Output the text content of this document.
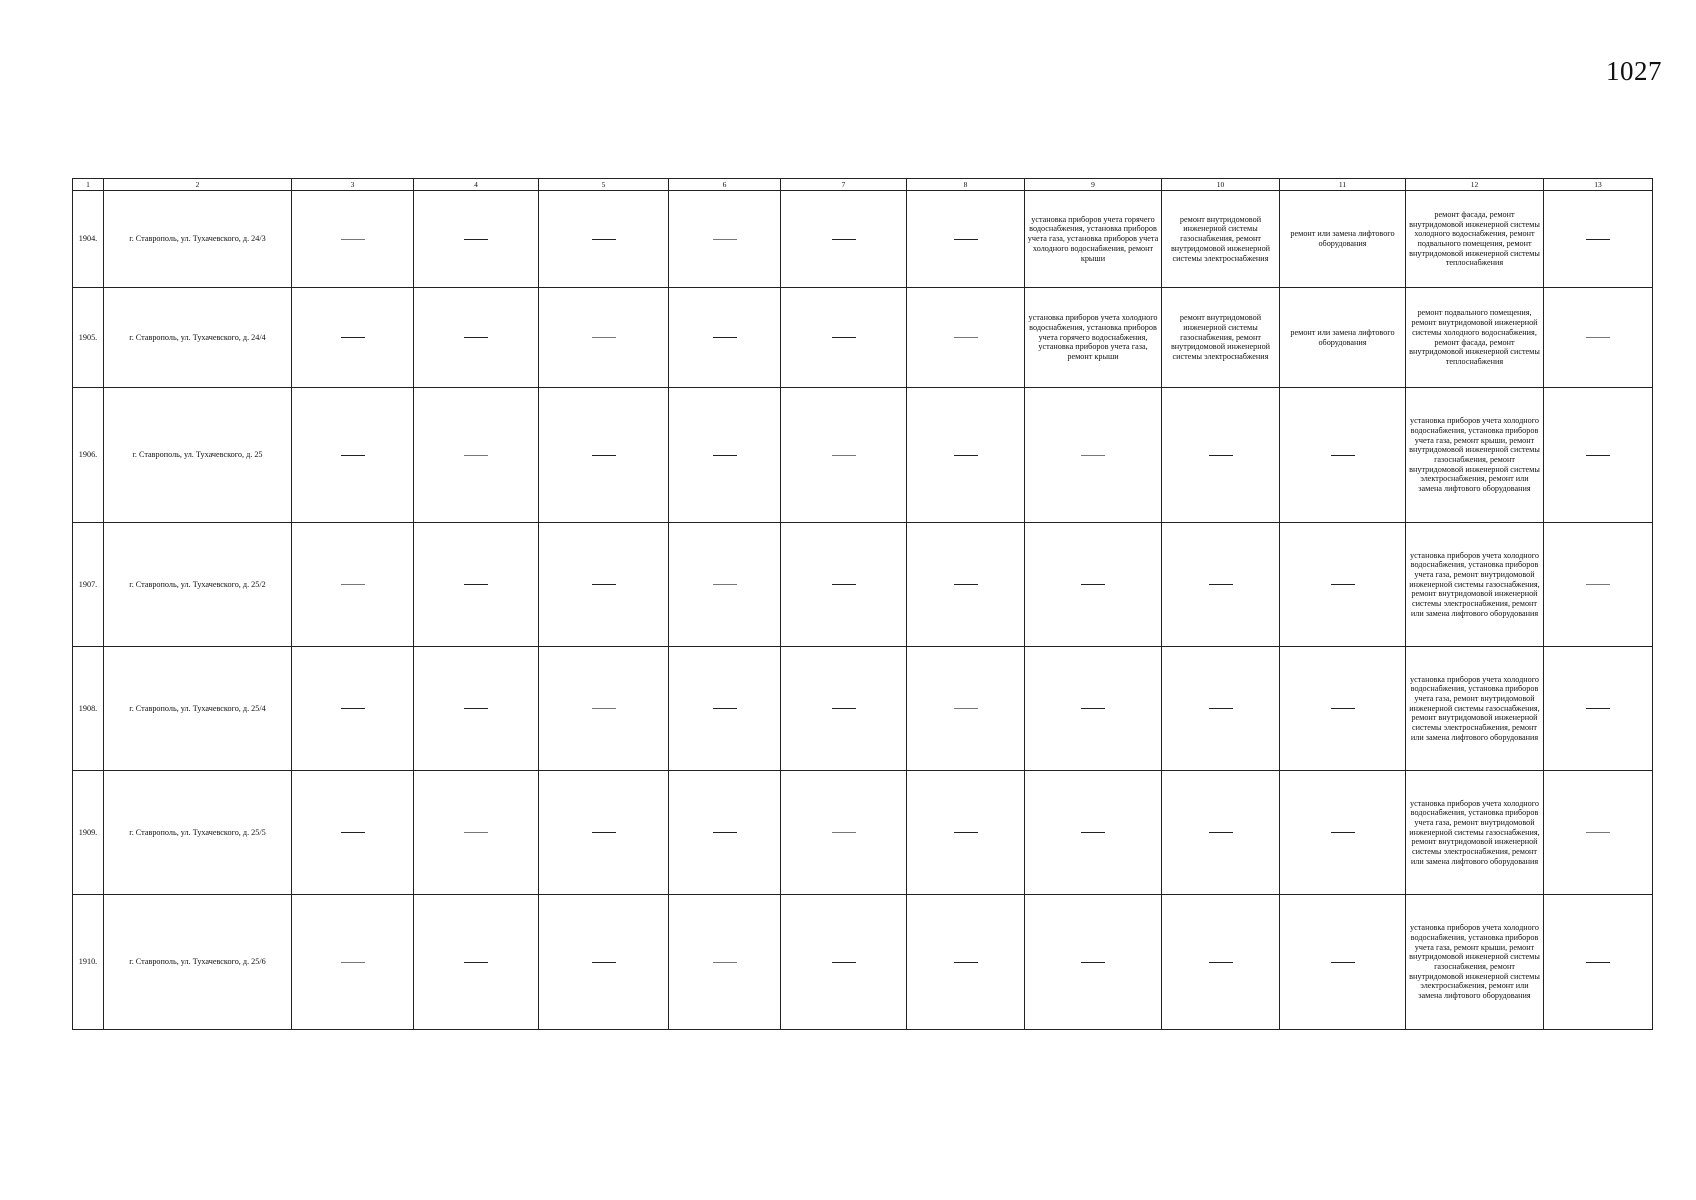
1027
1	2	3	4	5	6	7	8	9	10	11	12	13
1904.	г. Ставрополь, ул. Тухачевского, д. 24/3							установка приборов учета горячего водоснабжения, установка приборов учета газа, установка приборов учета холодного водоснабжения, ремонт крыши	ремонт внутридомовой инженерной системы газоснабжения, ремонт внутридомовой инженерной системы электроснабжения	ремонт или замена лифтового оборудования	ремонт фасада, ремонт внутридомовой инженерной системы холодного водоснабжения, ремонт подвального помещения, ремонт внутридомовой инженерной системы теплоснабжения	
1905.	г. Ставрополь, ул. Тухачевского, д. 24/4							установка приборов учета холодного водоснабжения, установка приборов учета горячего водоснабжения, установка приборов учета газа, ремонт крыши	ремонт внутридомовой инженерной системы газоснабжения, ремонт внутридомовой инженерной системы электроснабжения	ремонт или замена лифтового оборудования	ремонт подвального помещения, ремонт внутридомовой инженерной системы холодного водоснабжения, ремонт фасада, ремонт внутридомовой инженерной системы теплоснабжения	
1906.	г. Ставрополь, ул. Тухачевского, д. 25										установка приборов учета холодного водоснабжения, установка приборов учета газа, ремонт крыши, ремонт внутридомовой инженерной системы газоснабжения, ремонт внутридомовой инженерной системы электроснабжения, ремонт или замена лифтового оборудования	
1907.	г. Ставрополь, ул. Тухачевского, д. 25/2										установка приборов учета холодного водоснабжения, установка приборов учета газа, ремонт внутридомовой инженерной системы газоснабжения, ремонт внутридомовой инженерной системы электроснабжения, ремонт или замена лифтового оборудования	
1908.	г. Ставрополь, ул. Тухачевского, д. 25/4										установка приборов учета холодного водоснабжения, установка приборов учета газа, ремонт внутридомовой инженерной системы газоснабжения, ремонт внутридомовой инженерной системы электроснабжения, ремонт или замена лифтового оборудования	
1909.	г. Ставрополь, ул. Тухачевского, д. 25/5										установка приборов учета холодного водоснабжения, установка приборов учета газа, ремонт внутридомовой инженерной системы газоснабжения, ремонт внутридомовой инженерной системы электроснабжения, ремонт или замена лифтового оборудования	
1910.	г. Ставрополь, ул. Тухачевского, д. 25/6										установка приборов учета холодного водоснабжения, установка приборов учета газа, ремонт крыши, ремонт внутридомовой инженерной системы газоснабжения, ремонт внутридомовой инженерной системы электроснабжения, ремонт или замена лифтового оборудования	
